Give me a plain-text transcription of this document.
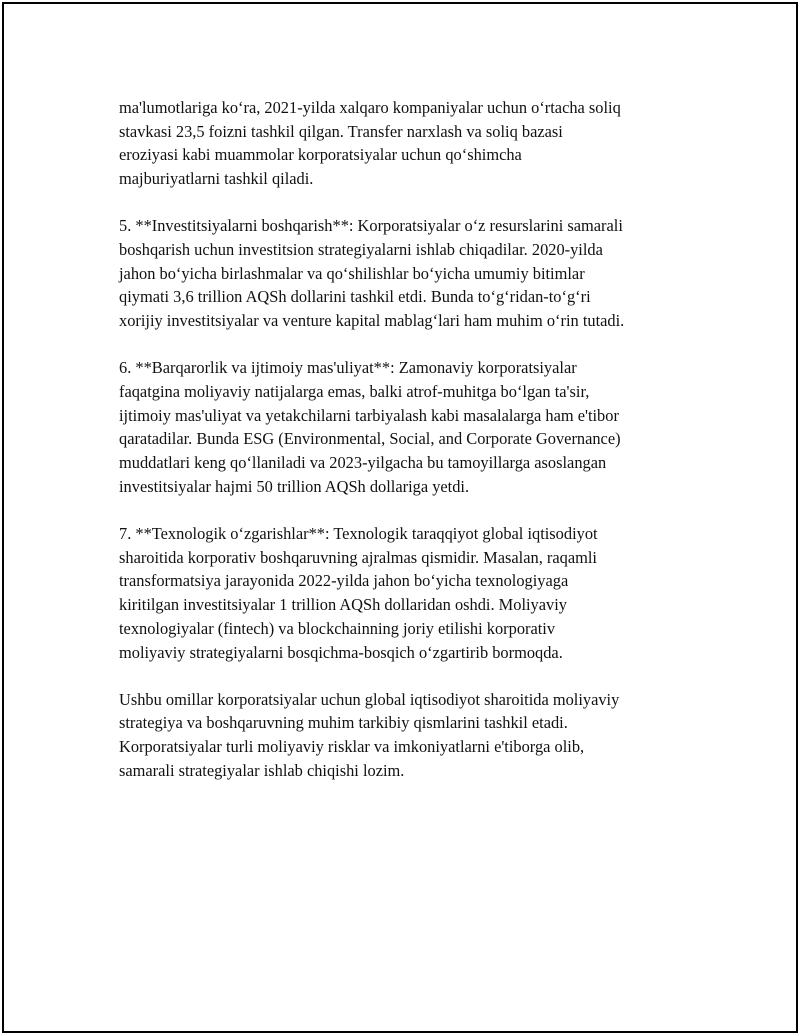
ma'lumotlariga ko‘ra, 2021-yilda xalqaro kompaniyalar uchun o‘rtacha soliq
stavkasi 23,5 foizni tashkil qilgan. Transfer narxlash va soliq bazasi
eroziyasi kabi muammolar korporatsiyalar uchun qo‘shimcha
majburiyatlarni tashkil qiladi.

5. **Investitsiyalarni boshqarish**: Korporatsiyalar o‘z resurslarini samarali
boshqarish uchun investitsion strategiyalarni ishlab chiqadilar. 2020-yilda
jahon bo‘yicha birlashmalar va qo‘shilishlar bo‘yicha umumiy bitimlar
qiymati 3,6 trillion AQSh dollarini tashkil etdi. Bunda to‘g‘ridan-to‘g‘ri
xorijiy investitsiyalar va venture kapital mablag‘lari ham muhim o‘rin tutadi.

6. **Barqarorlik va ijtimoiy mas'uliyat**: Zamonaviy korporatsiyalar
faqatgina moliyaviy natijalarga emas, balki atrof-muhitga bo‘lgan ta'sir,
ijtimoiy mas'uliyat va yetakchilarni tarbiyalash kabi masalalarga ham e'tibor
qaratadilar. Bunda ESG (Environmental, Social, and Corporate Governance)
muddatlari keng qo‘llaniladi va 2023-yilgacha bu tamoyillarga asoslangan
investitsiyalar hajmi 50 trillion AQSh dollariga yetdi.

7. **Texnologik o‘zgarishlar**: Texnologik taraqqiyot global iqtisodiyot
sharoitida korporativ boshqaruvning ajralmas qismidir. Masalan, raqamli
transformatsiya jarayonida 2022-yilda jahon bo‘yicha texnologiyaga
kiritilgan investitsiyalar 1 trillion AQSh dollaridan oshdi. Moliyaviy
texnologiyalar (fintech) va blockchainning joriy etilishi korporativ
moliyaviy strategiyalarni bosqichma-bosqich o‘zgartirib bormoqda.

Ushbu omillar korporatsiyalar uchun global iqtisodiyot sharoitida moliyaviy
strategiya va boshqaruvning muhim tarkibiy qismlarini tashkil etadi.
Korporatsiyalar turli moliyaviy risklar va imkoniyatlarni e'tiborga olib,
samarali strategiyalar ishlab chiqishi lozim.
